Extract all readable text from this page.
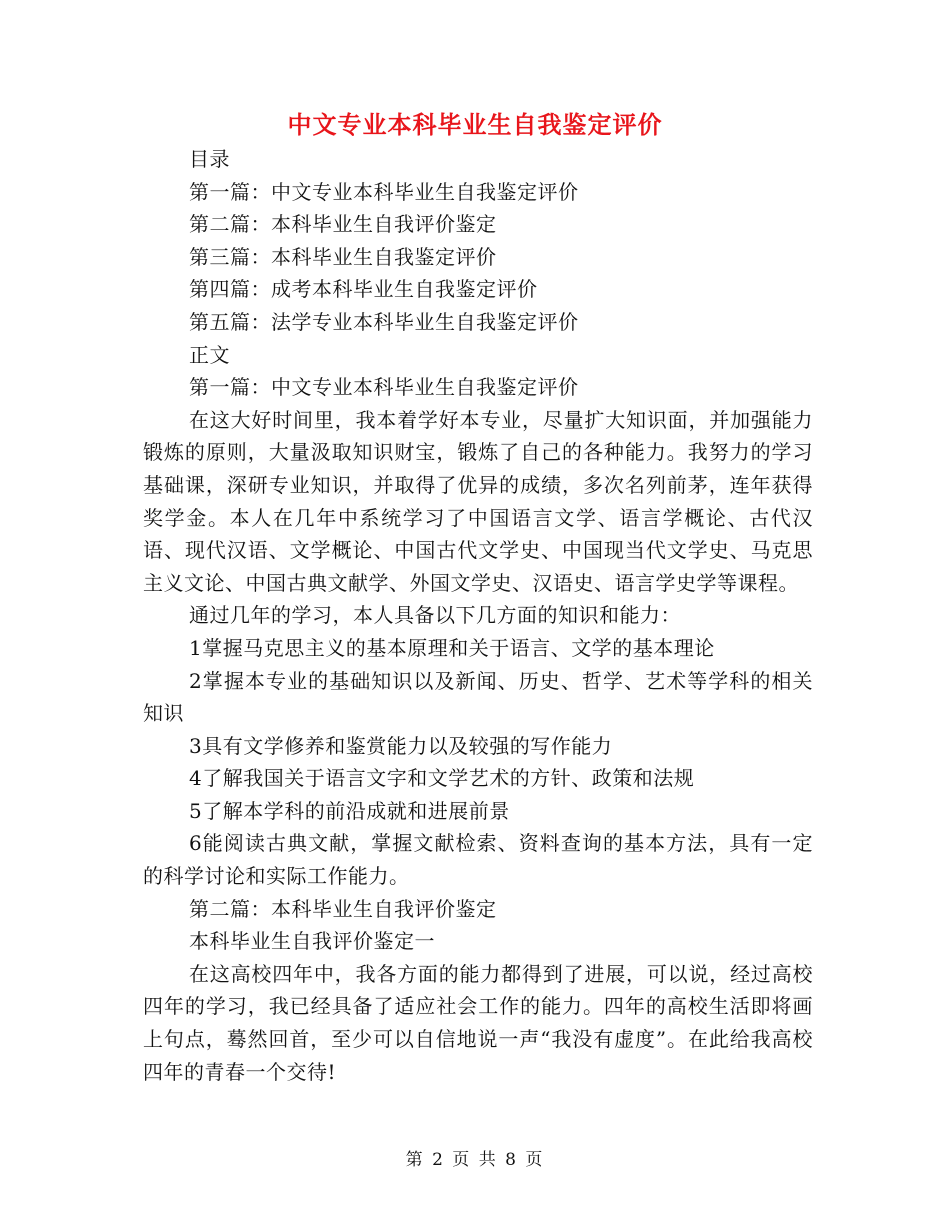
中文专业本科毕业生自我鉴定评价
目录
第一篇：中文专业本科毕业生自我鉴定评价
第二篇：本科毕业生自我评价鉴定
第三篇：本科毕业生自我鉴定评价
第四篇：成考本科毕业生自我鉴定评价
第五篇：法学专业本科毕业生自我鉴定评价
正文
第一篇：中文专业本科毕业生自我鉴定评价

在这大好时间里，我本着学好本专业，尽量扩大知识面，并加强能力锻炼的原则，大量汲取知识财宝，锻炼了自己的各种能力。我努力的学习基础课，深研专业知识，并取得了优异的成绩，多次名列前茅，连年获得奖学金。本人在几年中系统学习了中国语言文学、语言学概论、古代汉语、现代汉语、文学概论、中国古代文学史、中国现当代文学史、马克思主义文论、中国古典文献学、外国文学史、汉语史、语言学史学等课程。

通过几年的学习，本人具备以下几方面的知识和能力：
1掌握马克思主义的基本原理和关于语言、文学的基本理论

2掌握本专业的基础知识以及新闻、历史、哲学、艺术等学科的相关知识

3具有文学修养和鉴赏能力以及较强的写作能力
4了解我国关于语言文字和文学艺术的方针、政策和法规
5了解本学科的前沿成就和进展前景

6能阅读古典文献，掌握文献检索、资料查询的基本方法，具有一定的科学讨论和实际工作能力。

第二篇：本科毕业生自我评价鉴定
本科毕业生自我评价鉴定一

在这高校四年中，我各方面的能力都得到了进展，可以说，经过高校四年的学习，我已经具备了适应社会工作的能力。四年的高校生活即将画上句点，蓦然回首，至少可以自信地说一声“我没有虚度”。在此给我高校四年的青春一个交待!

第 2 页 共 8 页
